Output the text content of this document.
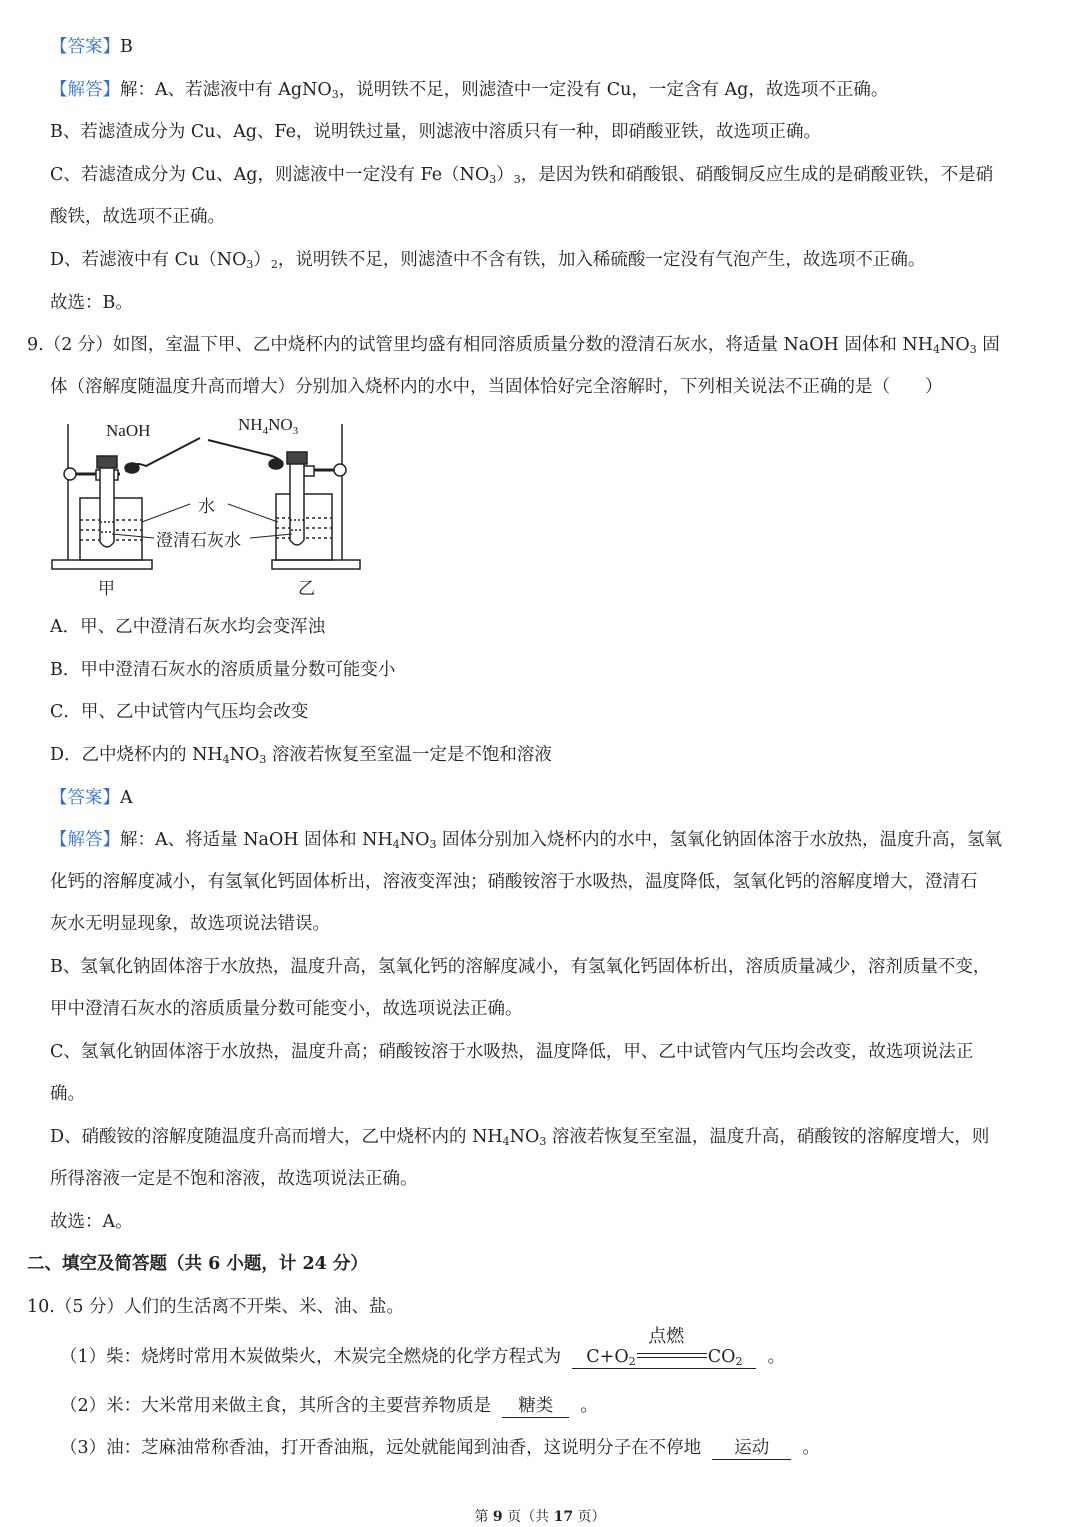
【答案】B
【解答】解：A、若滤液中有 AgNO$_3$，说明铁不足，则滤渣中一定没有 Cu，一定含有 Ag，故选项不正确。
B、若滤渣成分为 Cu、Ag、Fe，说明铁过量，则滤液中溶质只有一种，即硝酸亚铁，故选项正确。
C、若滤渣成分为 Cu、Ag，则滤液中一定没有 $Fe(NO_3)_3$，是因为铁和硝酸银、硝酸铜反应生成的是硝酸亚铁，不是硝
酸铁，故选项不正确。
D、若滤液中有 $Cu(NO_3)_2$，说明铁不足，则滤渣中不含有铁，加入稀硫酸一定没有气泡产生，故选项不正确。
故选：B。
9.（2 分）如图，室温下甲、乙中烧杯内的试管里均盛有相同溶质质量分数的澄清石灰水，将适量 NaOH 固体和 $NH_4NO_3$ 固
体（溶解度随温度升高而增大）分别加入烧杯内的水中，当固体恰好完全溶解时，下列相关说法不正确的是（　　）
NaOH	$NH_4NO_3$
水
澄清石灰水
甲	乙
A．甲、乙中澄清石灰水均会变浑浊
B．甲中澄清石灰水的溶质质量分数可能变小
C．甲、乙中试管内气压均会改变
D．乙中烧杯内的 $NH_4NO_3$ 溶液若恢复至室温一定是不饱和溶液
【答案】A
【解答】解：A、将适量 NaOH 固体和 $NH_4NO_3$ 固体分别加入烧杯内的水中，氢氧化钠固体溶于水放热，温度升高，氢氧
化钙的溶解度减小，有氢氧化钙固体析出，溶液变浑浊；硝酸铵溶于水吸热，温度降低，氢氧化钙的溶解度增大，澄清石
灰水无明显现象，故选项说法错误。
B、氢氧化钠固体溶于水放热，温度升高，氢氧化钙的溶解度减小，有氢氧化钙固体析出，溶质质量减少，溶剂质量不变，
甲中澄清石灰水的溶质质量分数可能变小，故选项说法正确。
C、氢氧化钠固体溶于水放热，温度升高；硝酸铵溶于水吸热，温度降低，甲、乙中试管内气压均会改变，故选项说法正
确。
D、硝酸铵的溶解度随温度升高而增大，乙中烧杯内的 $NH_4NO_3$ 溶液若恢复至室温，温度升高，硝酸铵的溶解度增大，则
所得溶液一定是不饱和溶液，故选项说法正确。
故选：A。
二、填空及简答题（共 6 小题，计 24 分）
10.（5 分）人们的生活离不开柴、米、油、盐。
（1）柴：烧烤时常用木炭做柴火，木炭完全燃烧的化学方程式为 $C+O_2$
点燃
$CO_2$ 。
（2）米：大米常用来做主食，其所含的主要营养物质是 糖类 。
（3）油：芝麻油常称香油，打开香油瓶，远处就能闻到油香，这说明分子在不停地 运动 。
第 9 页（共 17 页）
